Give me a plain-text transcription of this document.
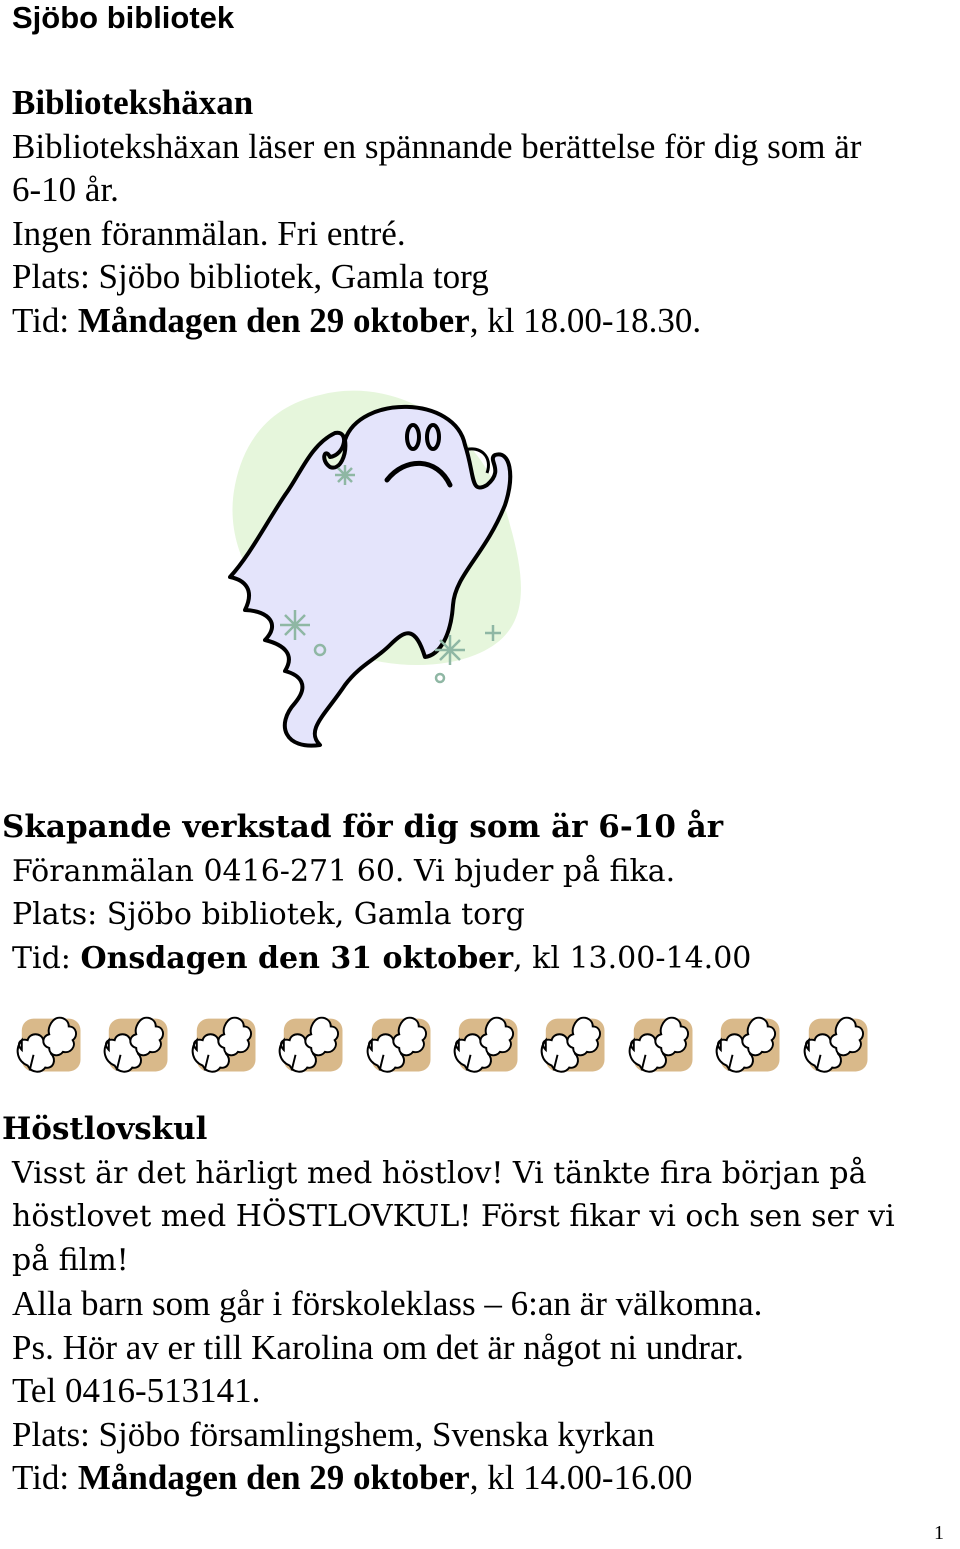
Sjöbo bibliotek
Bibliotekshäxan
Bibliotekshäxan läser en spännande berättelse för dig som är
6-10 år.
Ingen föranmälan. Fri entré.
Plats: Sjöbo bibliotek, Gamla torg
Tid: Måndagen den 29 oktober, kl 18.00-18.30.
Skapande verkstad för dig som är 6-10 år
Föranmälan 0416-271 60. Vi bjuder på fika.
Plats: Sjöbo bibliotek, Gamla torg
Tid: Onsdagen den 31 oktober, kl 13.00-14.00
Höstlovskul
Visst är det härligt med höstlov! Vi tänkte fira början på
höstlovet med HÖSTLOVKUL! Först fikar vi och sen ser vi
på film!
Alla barn som går i förskoleklass – 6:an är välkomna.
Ps. Hör av er till Karolina om det är något ni undrar.
Tel 0416-513141.
Plats: Sjöbo församlingshem, Svenska kyrkan
Tid: Måndagen den 29 oktober, kl 14.00-16.00
1
